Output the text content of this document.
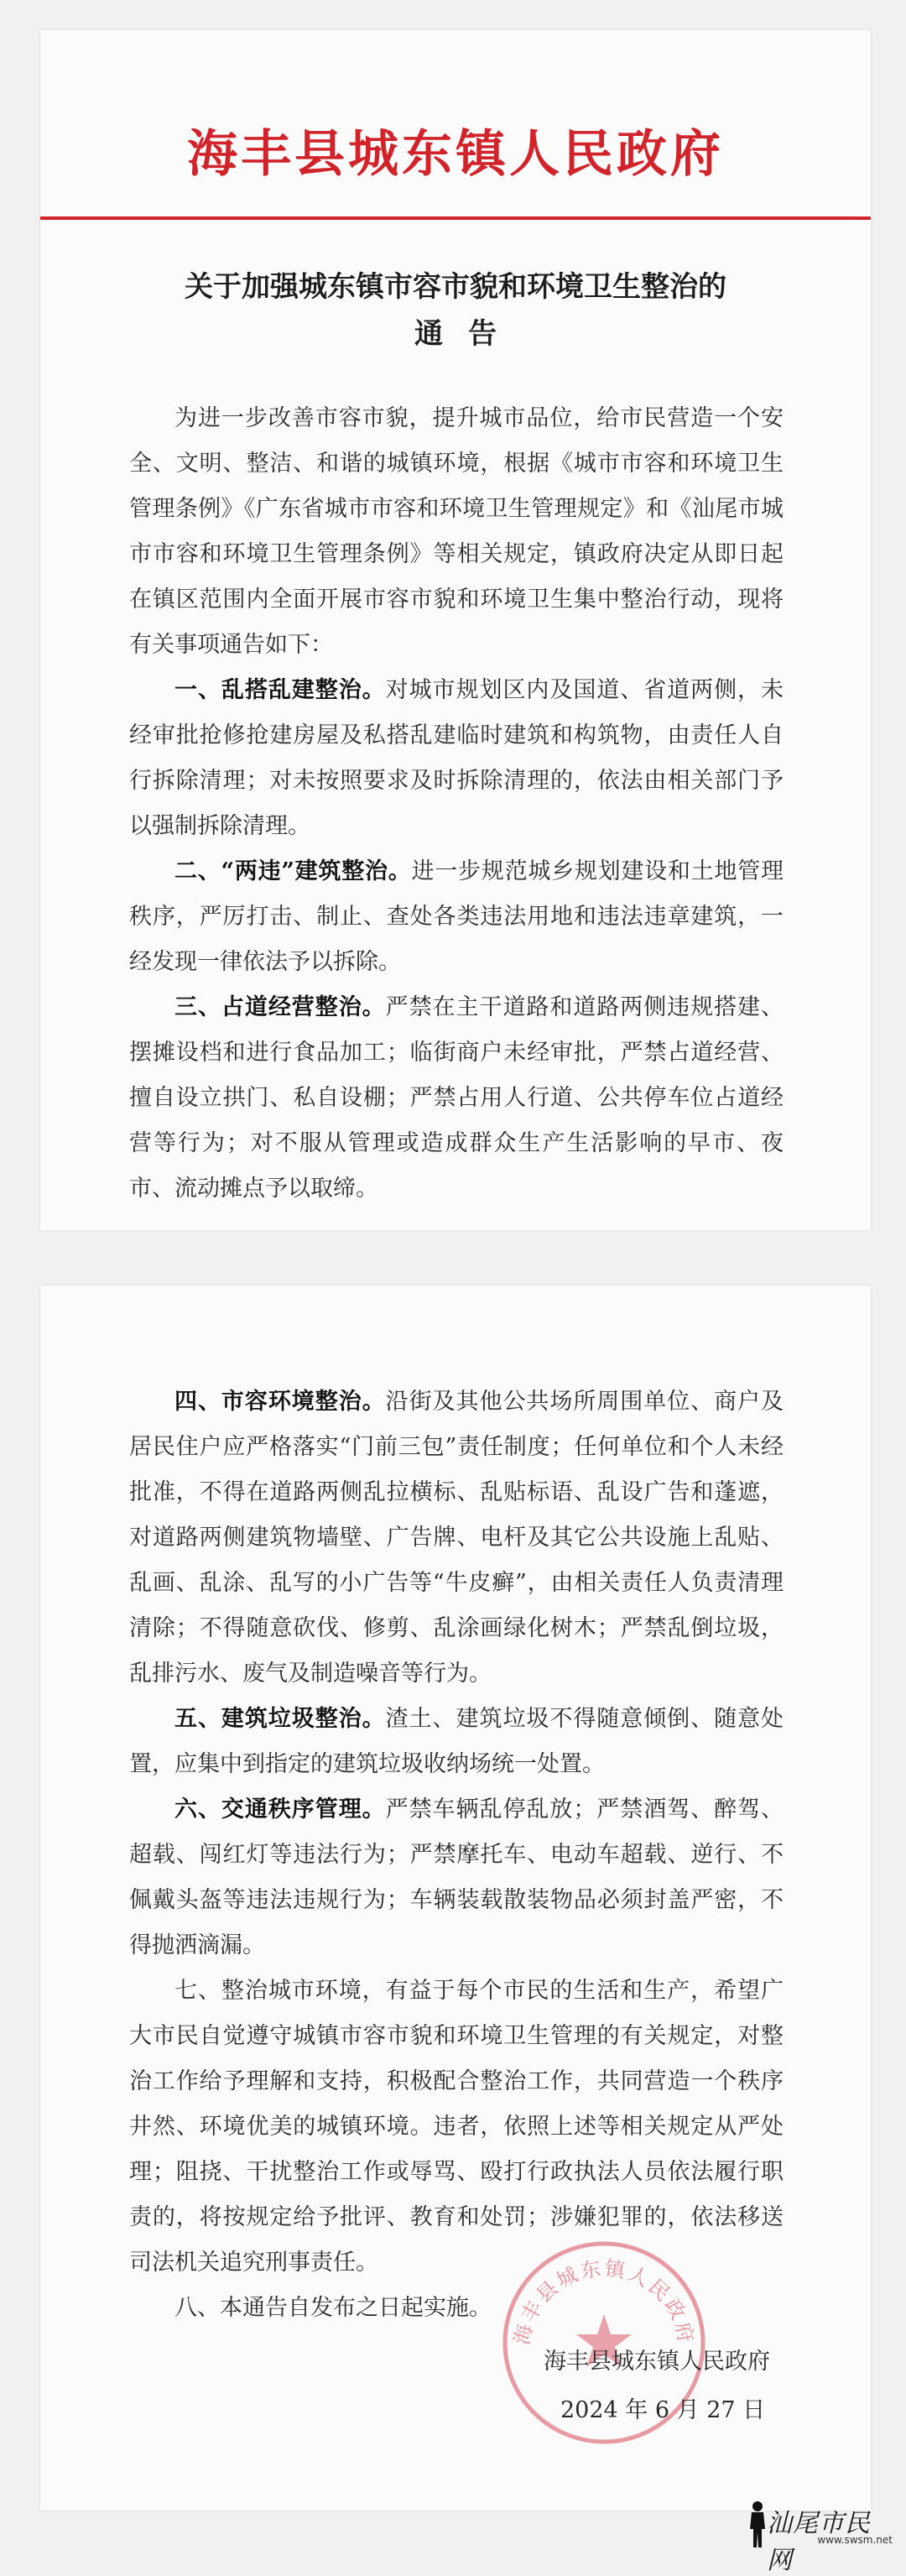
海丰县城东镇人民政府
关于加强城东镇市容市貌和环境卫生整治的
通告

为进一步改善市容市貌，提升城市品位，给市民营造一个安全、文明、整洁、和谐的城镇环境，根据《城市市容和环境卫生管理条例》《广东省城市市容和环境卫生管理规定》和《汕尾市城市市容和环境卫生管理条例》等相关规定，镇政府决定从即日起在镇区范围内全面开展市容市貌和环境卫生集中整治行动，现将有关事项通告如下：

一、乱搭乱建整治。对城市规划区内及国道、省道两侧，未经审批抢修抢建房屋及私搭乱建临时建筑和构筑物，由责任人自行拆除清理；对未按照要求及时拆除清理的，依法由相关部门予以强制拆除清理。

二、“两违”建筑整治。进一步规范城乡规划建设和土地管理秩序，严厉打击、制止、查处各类违法用地和违法违章建筑，一经发现一律依法予以拆除。

三、占道经营整治。严禁在主干道路和道路两侧违规搭建、摆摊设档和进行食品加工；临街商户未经审批，严禁占道经营、擅自设立拱门、私自设棚；严禁占用人行道、公共停车位占道经营等行为；对不服从管理或造成群众生产生活影响的早市、夜市、流动摊点予以取缔。

四、市容环境整治。沿街及其他公共场所周围单位、商户及居民住户应严格落实“门前三包”责任制度；任何单位和个人未经批准，不得在道路两侧乱拉横标、乱贴标语、乱设广告和蓬遮，对道路两侧建筑物墙壁、广告牌、电杆及其它公共设施上乱贴、乱画、乱涂、乱写的小广告等“牛皮癣”，由相关责任人负责清理清除；不得随意砍伐、修剪、乱涂画绿化树木；严禁乱倒垃圾，乱排污水、废气及制造噪音等行为。

五、建筑垃圾整治。渣土、建筑垃圾不得随意倾倒、随意处置，应集中到指定的建筑垃圾收纳场统一处置。

六、交通秩序管理。严禁车辆乱停乱放；严禁酒驾、醉驾、超载、闯红灯等违法行为；严禁摩托车、电动车超载、逆行、不佩戴头盔等违法违规行为；车辆装载散装物品必须封盖严密，不得抛洒滴漏。

七、整治城市环境，有益于每个市民的生活和生产，希望广大市民自觉遵守城镇市容市貌和环境卫生管理的有关规定，对整治工作给予理解和支持，积极配合整治工作，共同营造一个秩序井然、环境优美的城镇环境。违者，依照上述等相关规定从严处理；阻挠、干扰整治工作或辱骂、殴打行政执法人员依法履行职责的，将按规定给予批评、教育和处罚；涉嫌犯罪的，依法移送司法机关追究刑事责任。

八、本通告自发布之日起实施。

海丰县城东镇人民政府
海丰县城东镇人民政府
2024 年 6 月 27 日
汕尾市民网
www.swsm.net
